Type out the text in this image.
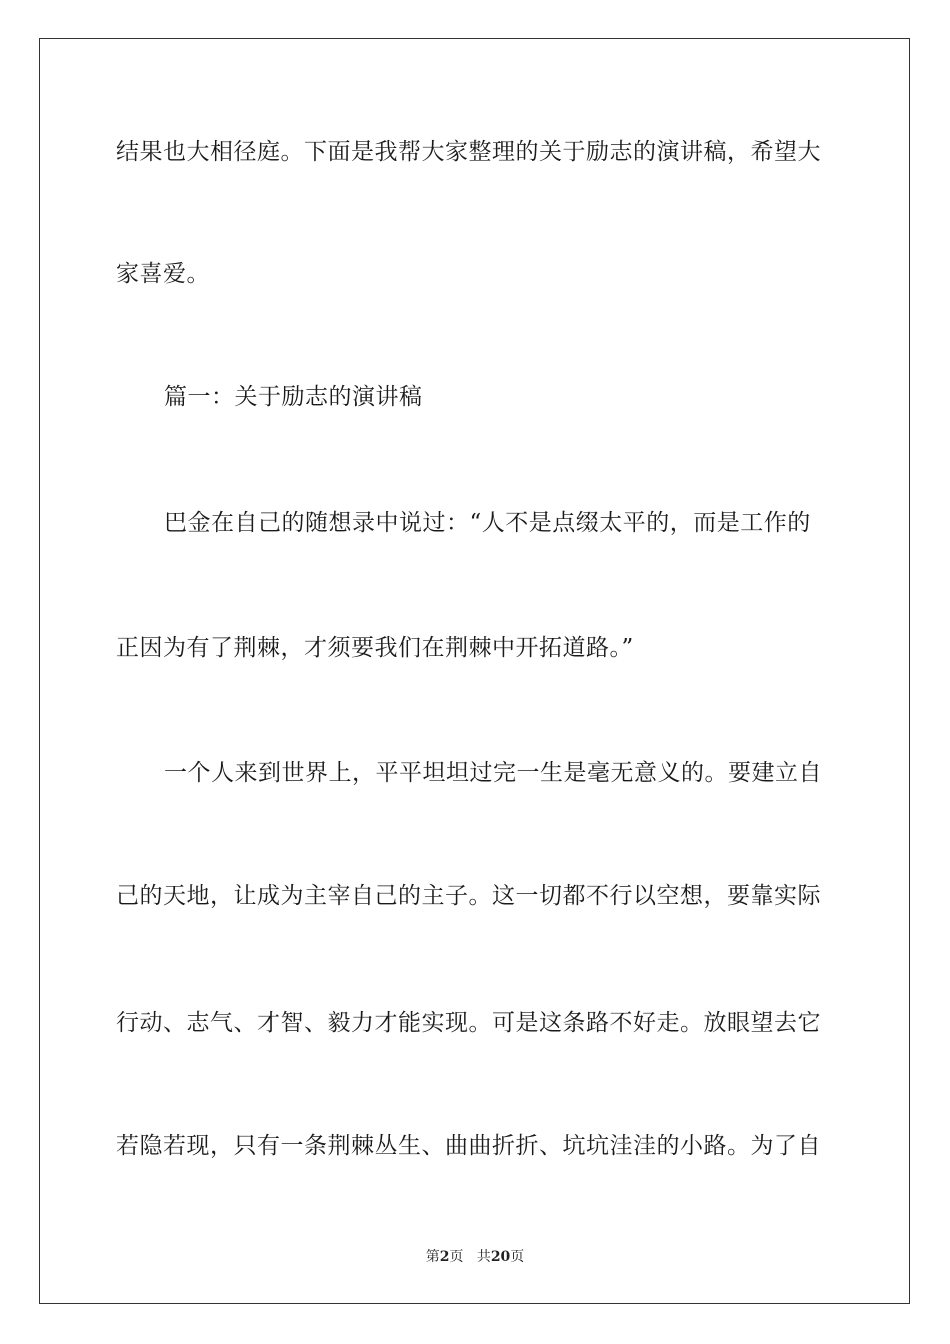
结果也大相径庭。下面是我帮大家整理的关于励志的演讲稿，希望大
家喜爱。
篇一：关于励志的演讲稿
巴金在自己的随想录中说过：“人不是点缀太平的，而是工作的
正因为有了荆棘，才须要我们在荆棘中开拓道路。”
一个人来到世界上，平平坦坦过完一生是毫无意义的。要建立自
己的天地，让成为主宰自己的主子。这一切都不行以空想，要靠实际
行动、志气、才智、毅力才能实现。可是这条路不好走。放眼望去它
若隐若现，只有一条荆棘丛生、曲曲折折、坑坑洼洼的小路。为了自
第2页 共20页
